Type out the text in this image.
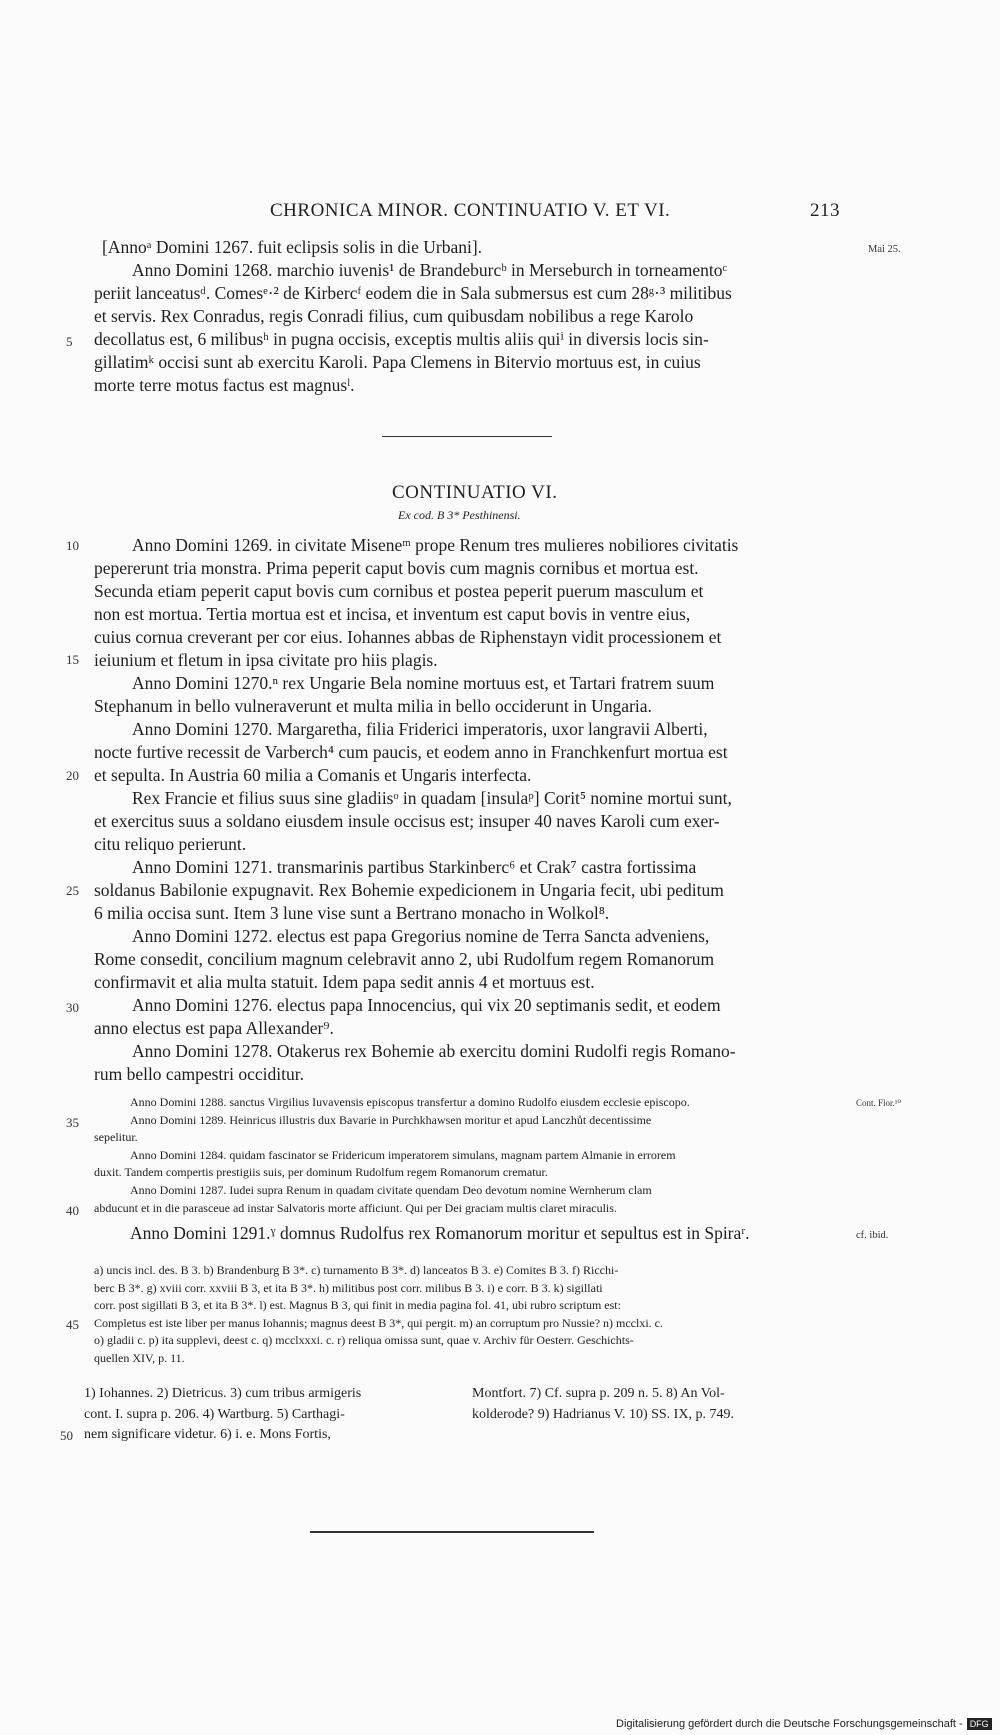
CHRONICA MINOR. CONTINUATIO V. ET VI.	213
[Annoᵃ Domini 1267. fuit eclipsis solis in die Urbani].
Anno Domini 1268. marchio iuvenis¹ de Brandeburcᵇ in Merseburch in torneamentoᶜ
periit lanceatusᵈ. Comesᵉ·² de Kirbercᶠ eodem die in Sala submersus est cum 28ᵍ·³ militibus
et servis. Rex Conradus, regis Conradi filius, cum quibusdam nobilibus a rege Karolo
decollatus est, 6 milibusʰ in pugna occisis, exceptis multis aliis quiⁱ in diversis locis sin-
gillatimᵏ occisi sunt ab exercitu Karoli. Papa Clemens in Bitervio mortuus est, in cuius
morte terre motus factus est magnusˡ.
Mai 25.
5
CONTINUATIO VI.
Ex cod. B 3* Pesthinensi.
Anno Domini 1269. in civitate Miseneᵐ prope Renum tres mulieres nobiliores civitatis
pepererunt tria monstra. Prima peperit caput bovis cum magnis cornibus et mortua est.
Secunda etiam peperit caput bovis cum cornibus et postea peperit puerum masculum et
non est mortua. Tertia mortua est et incisa, et inventum est caput bovis in ventre eius,
cuius cornua creverant per cor eius. Iohannes abbas de Riphenstayn vidit processionem et
ieiunium et fletum in ipsa civitate pro hiis plagis.
Anno Domini 1270.ⁿ rex Ungarie Bela nomine mortuus est, et Tartari fratrem suum
Stephanum in bello vulneraverunt et multa milia in bello occiderunt in Ungaria.
Anno Domini 1270. Margaretha, filia Friderici imperatoris, uxor langravii Alberti,
nocte furtive recessit de Varberch⁴ cum paucis, et eodem anno in Franchkenfurt mortua est
et sepulta. In Austria 60 milia a Comanis et Ungaris interfecta.
Rex Francie et filius suus sine gladiisᵒ in quadam [insulaᵖ] Corit⁵ nomine mortui sunt,
et exercitus suus a soldano eiusdem insule occisus est; insuper 40 naves Karoli cum exer-
citu reliquo perierunt.
Anno Domini 1271. transmarinis partibus Starkinberc⁶ et Crak⁷ castra fortissima
soldanus Babilonie expugnavit. Rex Bohemie expedicionem in Ungaria fecit, ubi peditum
6 milia occisa sunt. Item 3 lune vise sunt a Bertrano monacho in Wolkol⁸.
Anno Domini 1272. electus est papa Gregorius nomine de Terra Sancta adveniens,
Rome consedit, concilium magnum celebravit anno 2, ubi Rudolfum regem Romanorum
confirmavit et alia multa statuit. Idem papa sedit annis 4 et mortuus est.
Anno Domini 1276. electus papa Innocencius, qui vix 20 septimanis sedit, et eodem
anno electus est papa Allexander⁹.
Anno Domini 1278. Otakerus rex Bohemie ab exercitu domini Rudolfi regis Romano-
rum bello campestri occiditur.
10
15
20
25
30
Anno Domini 1288. sanctus Virgilius Iuvavensis episcopus transfertur a domino Rudolfo eiusdem ecclesie episcopo.
Anno Domini 1289. Heinricus illustris dux Bavarie in Purchkhawsen moritur et apud Lanczhůt decentissime
sepelitur.
Anno Domini 1284. quidam fascinator se Fridericum imperatorem simulans, magnam partem Almanie in errorem
duxit. Tandem compertis prestigiis suis, per dominum Rudolfum regem Romanorum crematur.
Anno Domini 1287. Iudei supra Renum in quadam civitate quendam Deo devotum nomine Wernherum clam
abducunt et in die parasceue ad instar Salvatoris morte afficiunt. Qui per Dei graciam multis claret miraculis.
Cont. Flor.¹⁰
35
40
Anno Domini 1291.ˠ domnus Rudolfus rex Romanorum moritur et sepultus est in Spiraʳ.	cf. ibid.
a) uncis incl. des. B 3. b) Brandenburg B 3*. c) turnamento B 3*. d) lanceatos B 3. e) Comites B 3. f) Ricchi-
berc B 3*. g) xviii corr. xxviii B 3, et ita B 3*. h) militibus post corr. milibus B 3. i) e corr. B 3. k) sigillati
corr. post sigillati B 3, et ita B 3*. l) est. Magnus B 3, qui finit in media pagina fol. 41, ubi rubro scriptum est:
Completus est iste liber per manus Iohannis; magnus deest B 3*, qui pergit. m) an corruptum pro Nussie? n) mcclxi. c.
o) gladii c. p) ita supplevi, deest c. q) mcclxxxi. c. r) reliqua omissa sunt, quae v. Archiv für Oesterr. Geschichts-
quellen XIV, p. 11.
45
1) Iohannes. 2) Dietricus. 3) cum tribus armigeris
cont. I. supra p. 206. 4) Wartburg. 5) Carthagi-
nem significare videtur. 6) i. e. Mons Fortis,
Montfort. 7) Cf. supra p. 209 n. 5. 8) An Vol-
kolderode? 9) Hadrianus V. 10) SS. IX, p. 749.
50
Digitalisierung gefördert durch die Deutsche Forschungsgemeinschaft - DFG
